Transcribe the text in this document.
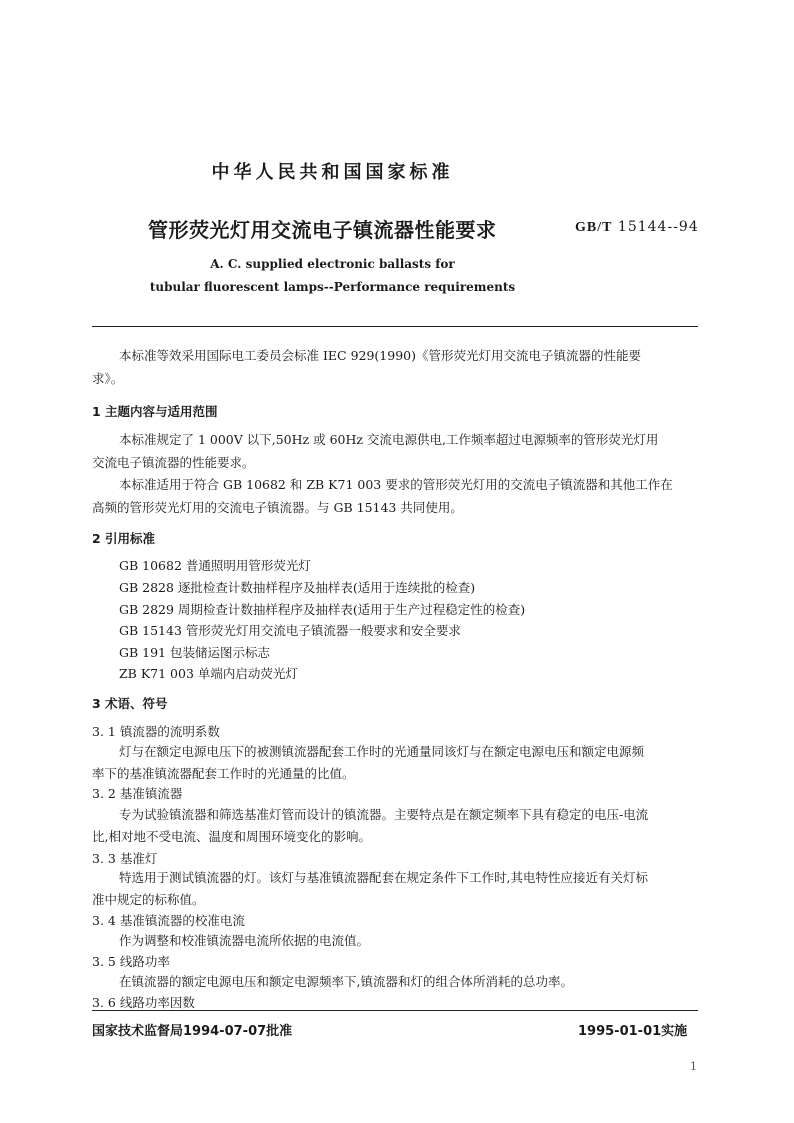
中华人民共和国国家标准
管形荧光灯用交流电子镇流器性能要求	GB/T 15144--94
A. C. supplied electronic ballasts for
tubular fluorescent lamps--Performance requirements
本标准等效采用国际电工委员会标准 IEC 929(1990)《管形荧光灯用交流电子镇流器的性能要
求》。
1 主题内容与适用范围
本标准规定了 1 000V 以下,50Hz 或 60Hz 交流电源供电,工作频率超过电源频率的管形荧光灯用
交流电子镇流器的性能要求。
本标准适用于符合 GB 10682 和 ZB K71 003 要求的管形荧光灯用的交流电子镇流器和其他工作在
高频的管形荧光灯用的交流电子镇流器。与 GB 15143 共同使用。
2 引用标准
GB 10682 普通照明用管形荧光灯
GB 2828 逐批检查计数抽样程序及抽样表(适用于连续批的检查)
GB 2829 周期检查计数抽样程序及抽样表(适用于生产过程稳定性的检查)
GB 15143 管形荧光灯用交流电子镇流器一般要求和安全要求
GB 191 包装储运图示标志
ZB K71 003 单端内启动荧光灯
3 术语、符号
3. 1 镇流器的流明系数
灯与在额定电源电压下的被测镇流器配套工作时的光通量同该灯与在额定电源电压和额定电源频
率下的基准镇流器配套工作时的光通量的比值。
3. 2 基准镇流器
专为试验镇流器和筛选基准灯管而设计的镇流器。主要特点是在额定频率下具有稳定的电压-电流
比,相对地不受电流、温度和周围环境变化的影响。
3. 3 基准灯
特选用于测试镇流器的灯。该灯与基准镇流器配套在规定条件下工作时,其电特性应接近有关灯标
准中规定的标称值。
3. 4 基准镇流器的校准电流
作为调整和校准镇流器电流所依据的电流值。
3. 5 线路功率
在镇流器的额定电源电压和额定电源频率下,镇流器和灯的组合体所消耗的总功率。
3. 6 线路功率因数
国家技术监督局1994-07-07批准	1995-01-01实施
1
